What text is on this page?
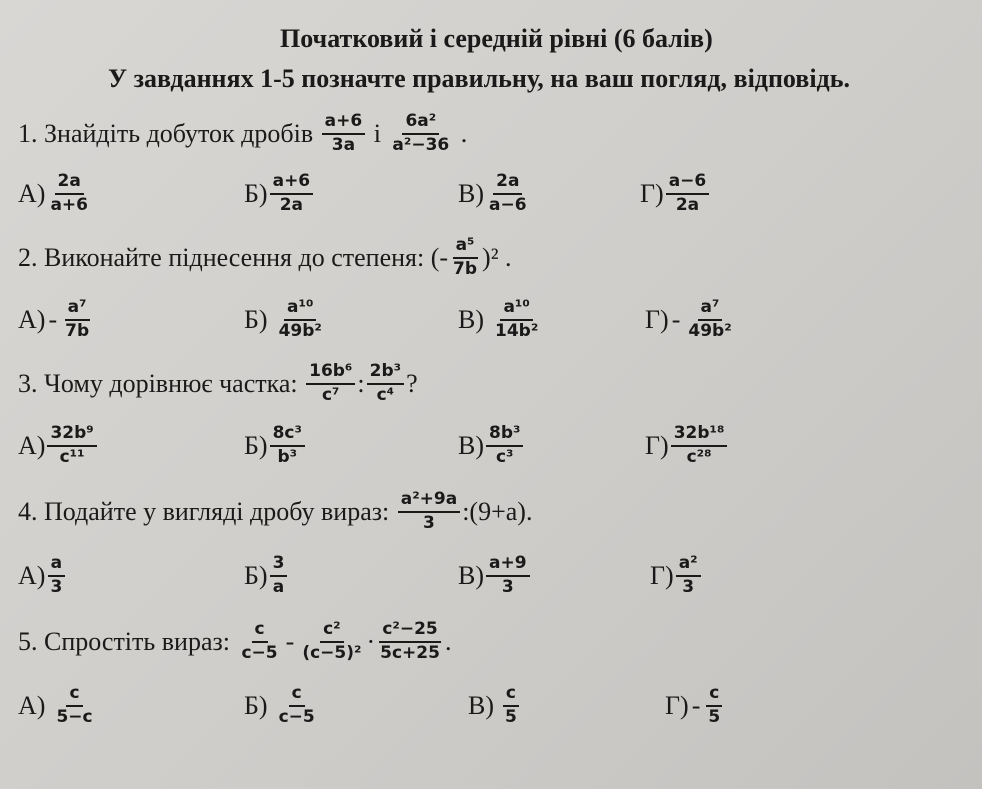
Початковий і середній рівні (6 балів)
У завданнях 1-5 позначте правильну, на ваш погляд, відповідь.
1. Знайдіть добуток дробів $\frac{a+6}{3a}$ і $\frac{\text{6a²}}{\text{a²−36}}$ .
$А) \frac{2a}{a+6}$	$Б) \frac{a+6}{2a}$	$В) \frac{2a}{a-6}$	$Г) \frac{a-6}{2a}$
2. Виконайте піднесення до степеня: (- $\frac{\text{a⁵}}{7b} )^2$ .
$А) - \frac{\text{a⁷}}{7b}$	$Б) \frac{\text{a¹⁰}}{\text{49b²}}$	$В) \frac{\text{a¹⁰}}{\text{14b²}}$	$Г) - \frac{\text{a⁷}}{\text{49b²}}$
3. Чому дорівнює частка: $\frac{\text{16b⁶}}{\text{c⁷}}$ : $\frac{\text{2b³}}{\text{c⁴}}$ ?
$А) \frac{\text{32b⁹}}{\text{c¹¹}}$	$Б) \frac{\text{8c³}}{\text{b³}}$	$В) \frac{\text{8b³}}{\text{c³}}$	$Г) \frac{\text{32b¹⁸}}{\text{c²⁸}}$
4. Подайте у вигляді дробу вираз: $\frac{\text{a²+9a}}{3}$ :(9+a).
$А) \frac{a}{3}$	$Б) \frac{3}{a}$	$В) \frac{a+9}{3}$	$Г) \frac{\text{a²}}{3}$
5. Спростіть вираз: $\frac{c}{c-5} - \frac{\text{c²}}{\text{(c−5)²}} \cdot \frac{\text{c²−25}}{5c+25}$ .
$А) \frac{c}{5-c}$	$Б) \frac{c}{c-5}$	$В) \frac{c}{5}$	$Г) - \frac{c}{5}$
